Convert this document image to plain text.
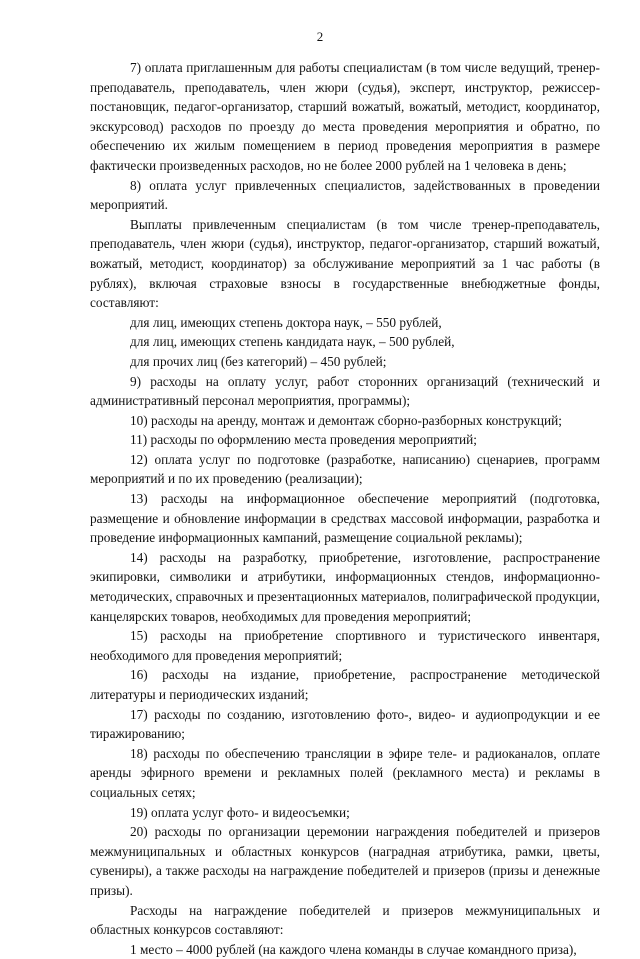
2

7) оплата приглашенным для работы специалистам (в том числе ведущий, тренер-преподаватель, преподаватель, член жюри (судья), эксперт, инструктор, режиссер-постановщик, педагог-организатор, старший вожатый, вожатый, методист, координатор, экскурсовод) расходов по проезду до места проведения мероприятия и обратно, по обеспечению их жилым помещением в период проведения мероприятия в размере фактически произведенных расходов, но не более 2000 рублей на 1 человека в день;

8) оплата услуг привлеченных специалистов, задействованных в проведении мероприятий.

Выплаты привлеченным специалистам (в том числе тренер-преподаватель, преподаватель, член жюри (судья), инструктор, педагог-организатор, старший вожатый, вожатый, методист, координатор) за обслуживание мероприятий за 1 час работы (в рублях), включая страховые взносы в государственные внебюджетные фонды, составляют:

для лиц, имеющих степень доктора наук, – 550 рублей,

для лиц, имеющих степень кандидата наук, – 500 рублей,

для прочих лиц (без категорий) – 450 рублей;

9) расходы на оплату услуг, работ сторонних организаций (технический и административный персонал мероприятия, программы);

10) расходы на аренду, монтаж и демонтаж сборно-разборных конструкций;

11) расходы по оформлению места проведения мероприятий;

12) оплата услуг по подготовке (разработке, написанию) сценариев, программ мероприятий и по их проведению (реализации);

13) расходы на информационное обеспечение мероприятий (подготовка, размещение и обновление информации в средствах массовой информации, разработка и проведение информационных кампаний, размещение социальной рекламы);

14) расходы на разработку, приобретение, изготовление, распространение экипировки, символики и атрибутики, информационных стендов, информационно-методических, справочных и презентационных материалов, полиграфической продукции, канцелярских товаров, необходимых для проведения мероприятий;

15) расходы на приобретение спортивного и туристического инвентаря, необходимого для проведения мероприятий;

16) расходы на издание, приобретение, распространение методической литературы и периодических изданий;

17) расходы по созданию, изготовлению фото-, видео- и аудиопродукции и ее тиражированию;

18) расходы по обеспечению трансляции в эфире теле- и радиоканалов, оплате аренды эфирного времени и рекламных полей (рекламного места) и рекламы в социальных сетях;

19) оплата услуг фото- и видеосъемки;

20) расходы по организации церемонии награждения победителей и призеров межмуниципальных и областных конкурсов (наградная атрибутика, рамки, цветы, сувениры), а также расходы на награждение победителей и призеров (призы и денежные призы).

Расходы на награждение победителей и призеров межмуниципальных и областных конкурсов составляют:

1 место – 4000 рублей (на каждого члена команды в случае командного приза),
